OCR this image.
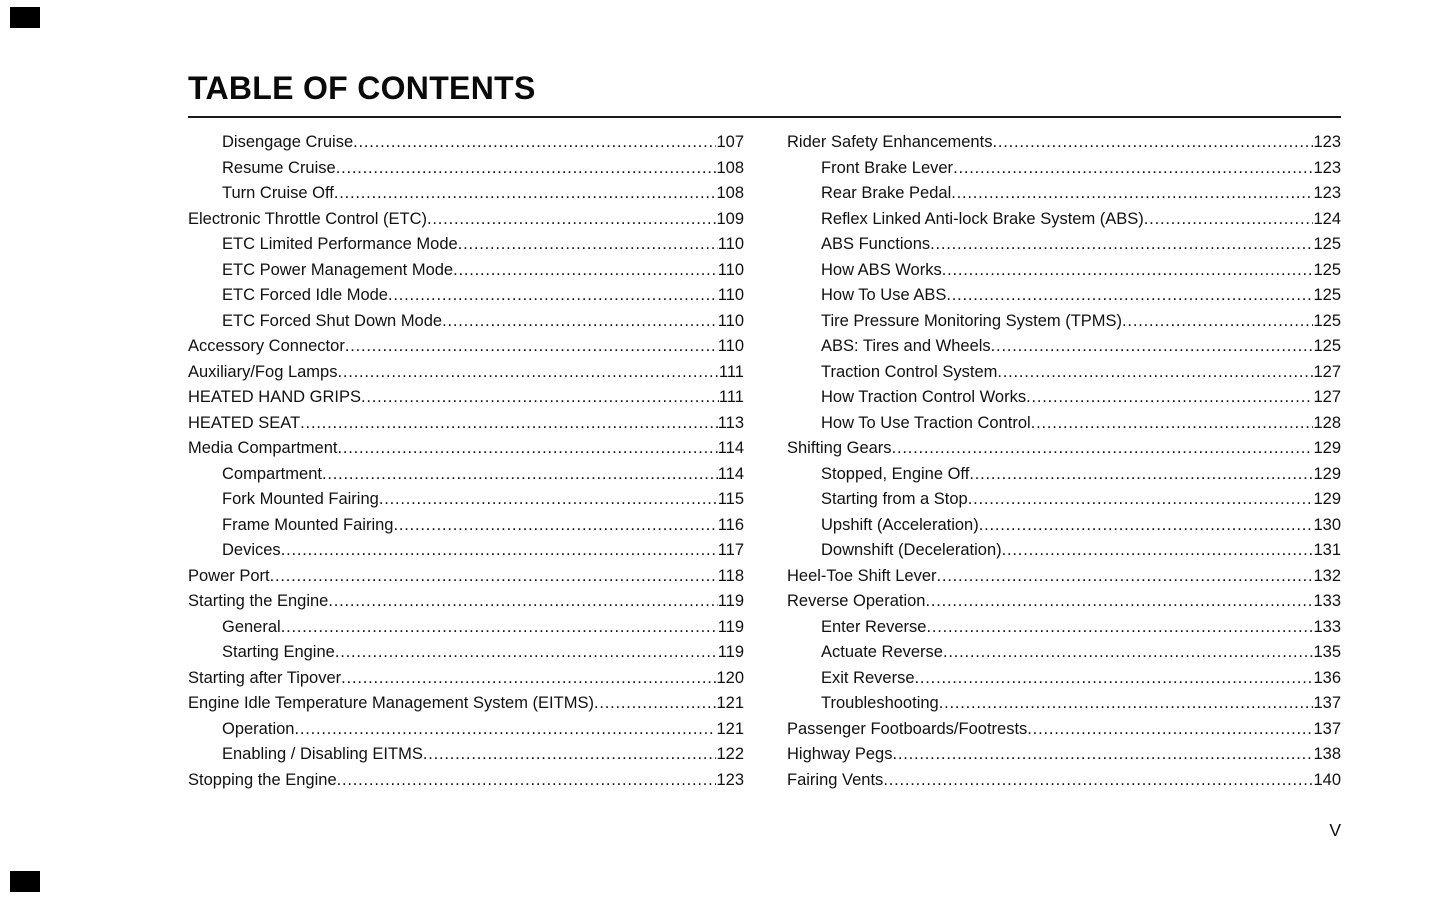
TABLE OF CONTENTS
Disengage Cruise .....	107
Resume Cruise .....	108
Turn Cruise Off .....	108
Electronic Throttle Control (ETC) .....	109
ETC Limited Performance Mode .....	110
ETC Power Management Mode .....	110
ETC Forced Idle Mode .....	110
ETC Forced Shut Down Mode .....	110
Accessory Connector .....	110
Auxiliary/Fog Lamps .....	111
HEATED HAND GRIPS .....	111
HEATED SEAT .....	113
Media Compartment .....	114
Compartment .....	114
Fork Mounted Fairing .....	115
Frame Mounted Fairing .....	116
Devices .....	117
Power Port .....	118
Starting the Engine .....	119
General .....	119
Starting Engine .....	119
Starting after Tipover .....	120
Engine Idle Temperature Management System (EITMS) .....	121
Operation .....	121
Enabling / Disabling EITMS .....	122
Stopping the Engine .....	123
Rider Safety Enhancements .....	123
Front Brake Lever .....	123
Rear Brake Pedal .....	123
Reflex Linked Anti-lock Brake System (ABS) .....	124
ABS Functions .....	125
How ABS Works .....	125
How To Use ABS .....	125
Tire Pressure Monitoring System (TPMS) .....	125
ABS: Tires and Wheels .....	125
Traction Control System .....	127
How Traction Control Works .....	127
How To Use Traction Control .....	128
Shifting Gears .....	129
Stopped, Engine Off .....	129
Starting from a Stop .....	129
Upshift (Acceleration) .....	130
Downshift (Deceleration) .....	131
Heel-Toe Shift Lever .....	132
Reverse Operation .....	133
Enter Reverse .....	133
Actuate Reverse .....	135
Exit Reverse .....	136
Troubleshooting .....	137
Passenger Footboards/Footrests .....	137
Highway Pegs .....	138
Fairing Vents .....	140
V
